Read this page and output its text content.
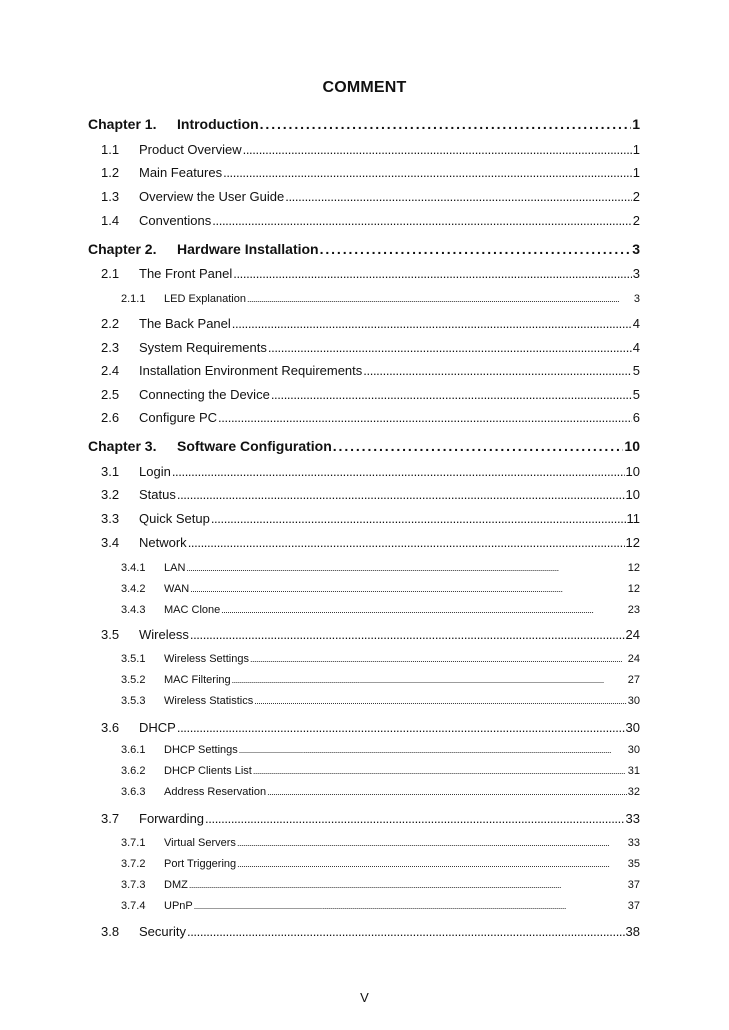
COMMENT
Chapter 1.	Introduction . . .	1
1.1	Product Overview . . .	1
1.2	Main Features . . .	1
1.3	Overview the User Guide . . .	2
1.4	Conventions . . .	2
Chapter 2.	Hardware Installation . . .	3
2.1	The Front Panel . . .	3
2.1.1	LED Explanation . . .	3
2.2	The Back Panel . . .	4
2.3	System Requirements . . .	4
2.4	Installation Environment Requirements . . .	5
2.5	Connecting the Device . . .	5
2.6	Configure PC . . .	6
Chapter 3.	Software Configuration . . .	10
3.1	Login . . .	10
3.2	Status . . .	10
3.3	Quick Setup . . .	11
3.4	Network . . .	12
3.4.1	LAN . . .	12
3.4.2	WAN . . .	12
3.4.3	MAC Clone . . .	23
3.5	Wireless . . .	24
3.5.1	Wireless Settings . . .	24
3.5.2	MAC Filtering . . .	27
3.5.3	Wireless Statistics . . .	30
3.6	DHCP . . .	30
3.6.1	DHCP Settings . . .	30
3.6.2	DHCP Clients List . . .	31
3.6.3	Address Reservation . . .	32
3.7	Forwarding . . .	33
3.7.1	Virtual Servers . . .	33
3.7.2	Port Triggering . . .	35
3.7.3	DMZ . . .	37
3.7.4	UPnP . . .	37
3.8	Security . . .	38
V
